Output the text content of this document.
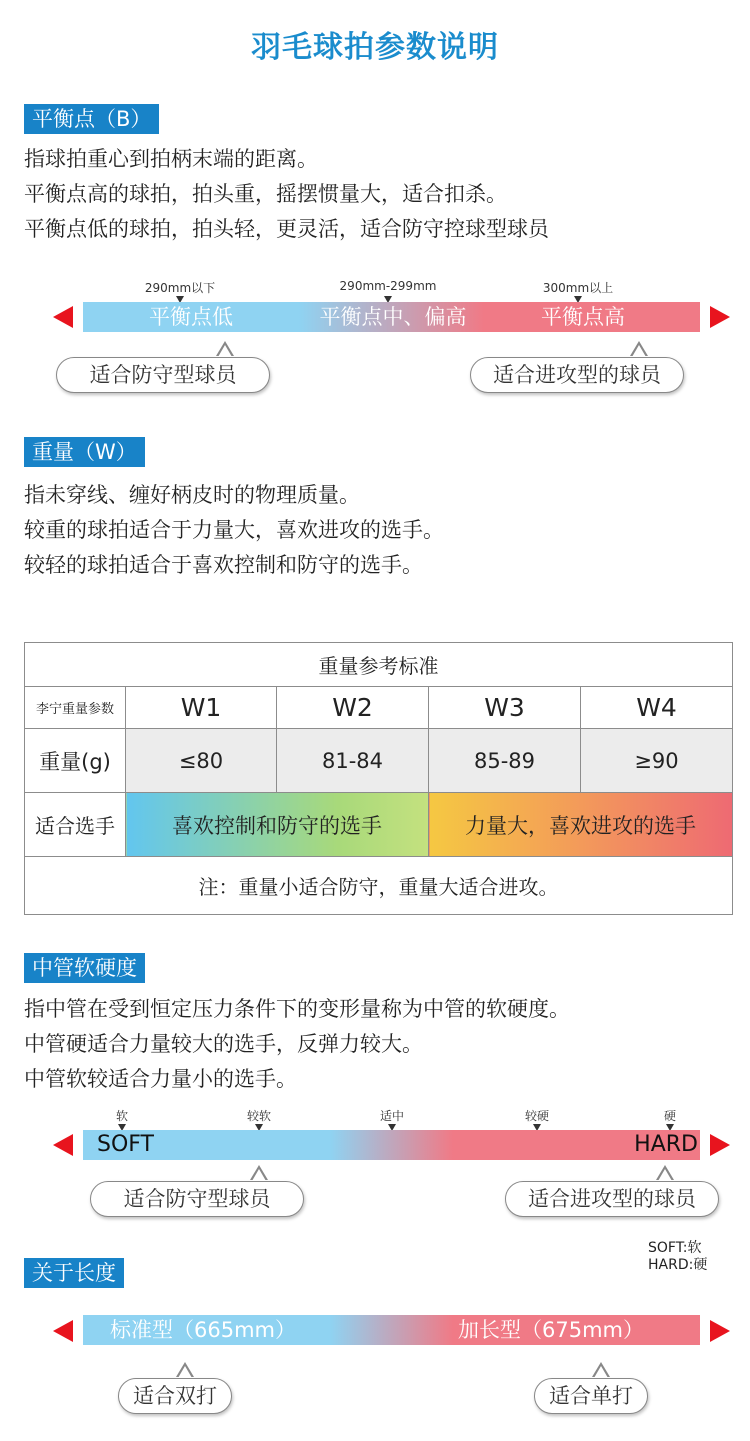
羽毛球拍参数说明
平衡点（B）
指球拍重心到拍柄末端的距离。
平衡点高的球拍，拍头重，摇摆惯量大，适合扣杀。
平衡点低的球拍，拍头轻，更灵活，适合防守控球型球员
290mm以下	290mm-299mm	300mm以上
平衡点低	平衡点中、偏高	平衡点高
适合防守型球员	适合进攻型的球员
重量（W）
指未穿线、缠好柄皮时的物理质量。
较重的球拍适合于力量大，喜欢进攻的选手。
较轻的球拍适合于喜欢控制和防守的选手。
重量参考标准				
李宁重量参数	W1	W2	W3	W4
重量(g)	≤80	81-84	85-89	≥90
适合选手	喜欢控制和防守的选手		力量大，喜欢进攻的选手	
注：重量小适合防守，重量大适合进攻。				
中管软硬度
指中管在受到恒定压力条件下的变形量称为中管的软硬度。
中管硬适合力量较大的选手，反弹力较大。
中管软较适合力量小的选手。
软	较软	适中	较硬	硬
SOFT	HARD
适合防守型球员	适合进攻型的球员
SOFT:软
HARD:硬
关于长度
标准型（665mm）	加长型（675mm）
适合双打	适合单打
